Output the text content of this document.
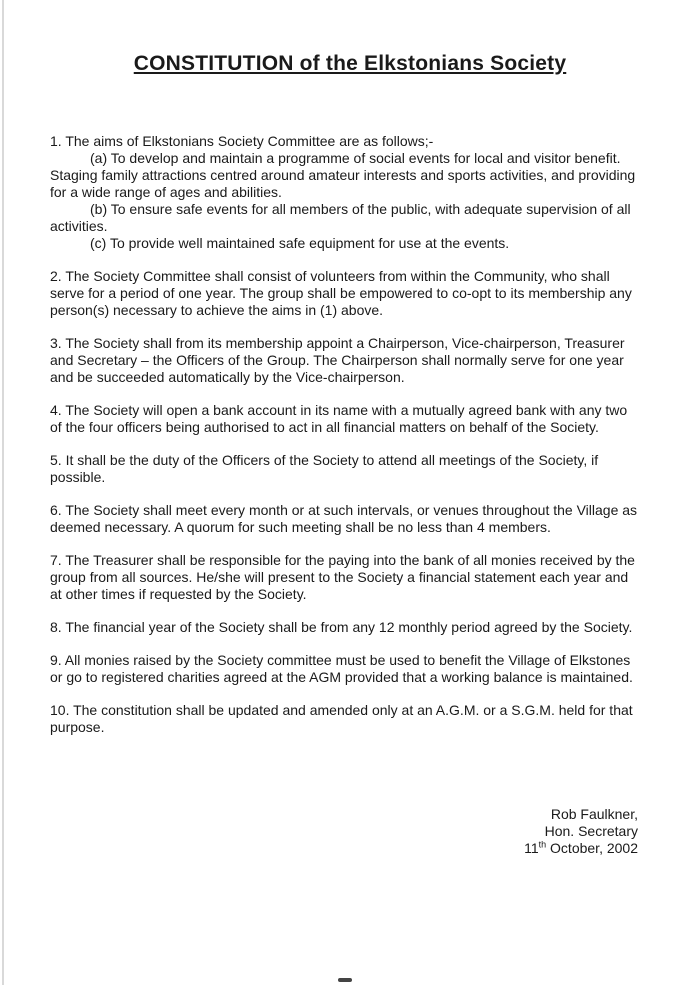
CONSTITUTION of the Elkstonians Society

1. The aims of Elkstonians Society Committee are as follows;-

(a) To develop and maintain a programme of social events for local and visitor benefit. Staging family attractions centred around amateur interests and sports activities, and providing for a wide range of ages and abilities.

(b) To ensure safe events for all members of the public, with adequate supervision of all activities.

(c) To provide well maintained safe equipment for use at the events.

2. The Society Committee shall consist of volunteers from within the Community, who shall serve for a period of one year. The group shall be empowered to co-opt to its membership any person(s) necessary to achieve the aims in (1) above.

3. The Society shall from its membership appoint a Chairperson, Vice-chairperson, Treasurer and Secretary – the Officers of the Group. The Chairperson shall normally serve for one year and be succeeded automatically by the Vice-chairperson.

4. The Society will open a bank account in its name with a mutually agreed bank with any two of the four officers being authorised to act in all financial matters on behalf of the Society.

5. It shall be the duty of the Officers of the Society to attend all meetings of the Society, if possible.

6. The Society shall meet every month or at such intervals, or venues throughout the Village as deemed necessary. A quorum for such meeting shall be no less than 4 members.

7. The Treasurer shall be responsible for the paying into the bank of all monies received by the group from all sources. He/she will present to the Society a financial statement each year and at other times if requested by the Society.

8. The financial year of the Society shall be from any 12 monthly period agreed by the Society.

9. All monies raised by the Society committee must be used to benefit the Village of Elkstones or go to registered charities agreed at the AGM provided that a working balance is maintained.

10. The constitution shall be updated and amended only at an A.G.M. or a S.G.M. held for that purpose.

Rob Faulkner,
Hon. Secretary
11th October, 2002
